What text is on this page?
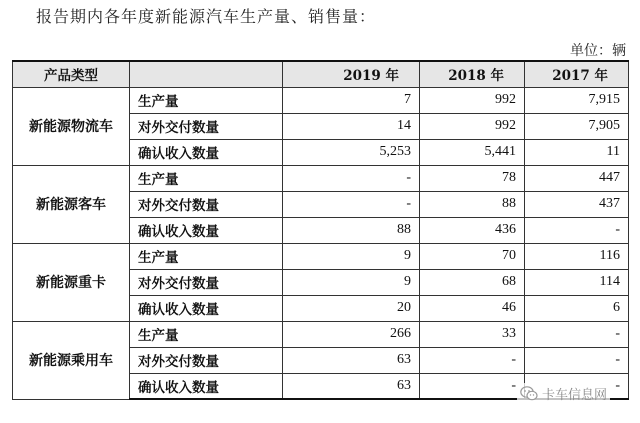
报告期内各年度新能源汽车生产量、销售量：
单位：辆
产品类型		2019 年	2018 年	2017 年
新能源物流车	生产量	7	992	7,915
	对外交付数量	14	992	7,905
	确认收入数量	5,253	5,441	11
新能源客车	生产量	-	78	447
	对外交付数量	-	88	437
	确认收入数量	88	436	-
新能源重卡	生产量	9	70	116
	对外交付数量	9	68	114
	确认收入数量	20	46	6
新能源乘用车	生产量	266	33	-
	对外交付数量	63	-	-
	确认收入数量	63	-	-
卡车信息网
